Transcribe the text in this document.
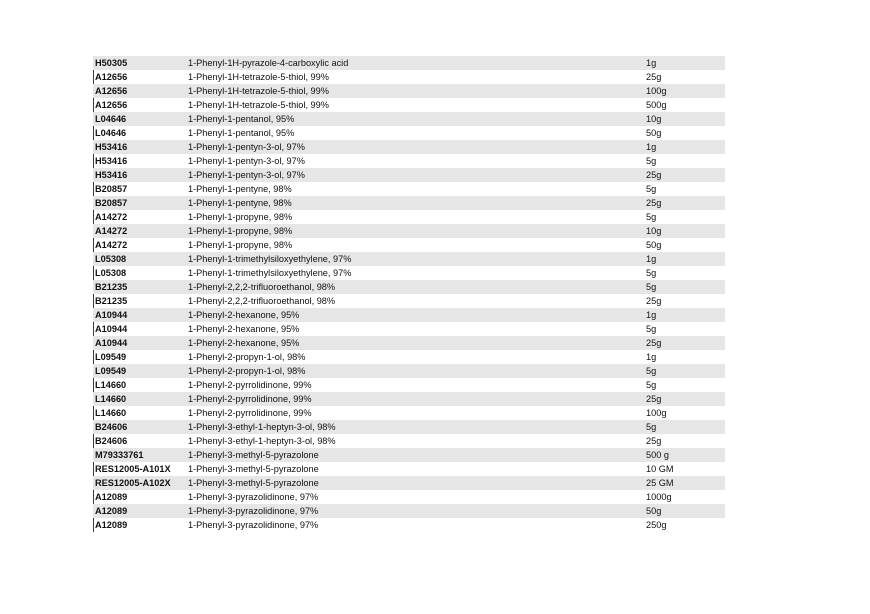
H50305	1-Phenyl-1H-pyrazole-4-carboxylic acid	1g
A12656	1-Phenyl-1H-tetrazole-5-thiol, 99%	25g
A12656	1-Phenyl-1H-tetrazole-5-thiol, 99%	100g
A12656	1-Phenyl-1H-tetrazole-5-thiol, 99%	500g
L04646	1-Phenyl-1-pentanol, 95%	10g
L04646	1-Phenyl-1-pentanol, 95%	50g
H53416	1-Phenyl-1-pentyn-3-ol, 97%	1g
H53416	1-Phenyl-1-pentyn-3-ol, 97%	5g
H53416	1-Phenyl-1-pentyn-3-ol, 97%	25g
B20857	1-Phenyl-1-pentyne, 98%	5g
B20857	1-Phenyl-1-pentyne, 98%	25g
A14272	1-Phenyl-1-propyne, 98%	5g
A14272	1-Phenyl-1-propyne, 98%	10g
A14272	1-Phenyl-1-propyne, 98%	50g
L05308	1-Phenyl-1-trimethylsiloxyethylene, 97%	1g
L05308	1-Phenyl-1-trimethylsiloxyethylene, 97%	5g
B21235	1-Phenyl-2,2,2-trifluoroethanol, 98%	5g
B21235	1-Phenyl-2,2,2-trifluoroethanol, 98%	25g
A10944	1-Phenyl-2-hexanone, 95%	1g
A10944	1-Phenyl-2-hexanone, 95%	5g
A10944	1-Phenyl-2-hexanone, 95%	25g
L09549	1-Phenyl-2-propyn-1-ol, 98%	1g
L09549	1-Phenyl-2-propyn-1-ol, 98%	5g
L14660	1-Phenyl-2-pyrrolidinone, 99%	5g
L14660	1-Phenyl-2-pyrrolidinone, 99%	25g
L14660	1-Phenyl-2-pyrrolidinone, 99%	100g
B24606	1-Phenyl-3-ethyl-1-heptyn-3-ol, 98%	5g
B24606	1-Phenyl-3-ethyl-1-heptyn-3-ol, 98%	25g
M79333761	1-Phenyl-3-methyl-5-pyrazolone	500 g
RES12005-A101X	1-Phenyl-3-methyl-5-pyrazolone	10 GM
RES12005-A102X	1-Phenyl-3-methyl-5-pyrazolone	25 GM
A12089	1-Phenyl-3-pyrazolidinone, 97%	1000g
A12089	1-Phenyl-3-pyrazolidinone, 97%	50g
A12089	1-Phenyl-3-pyrazolidinone, 97%	250g
